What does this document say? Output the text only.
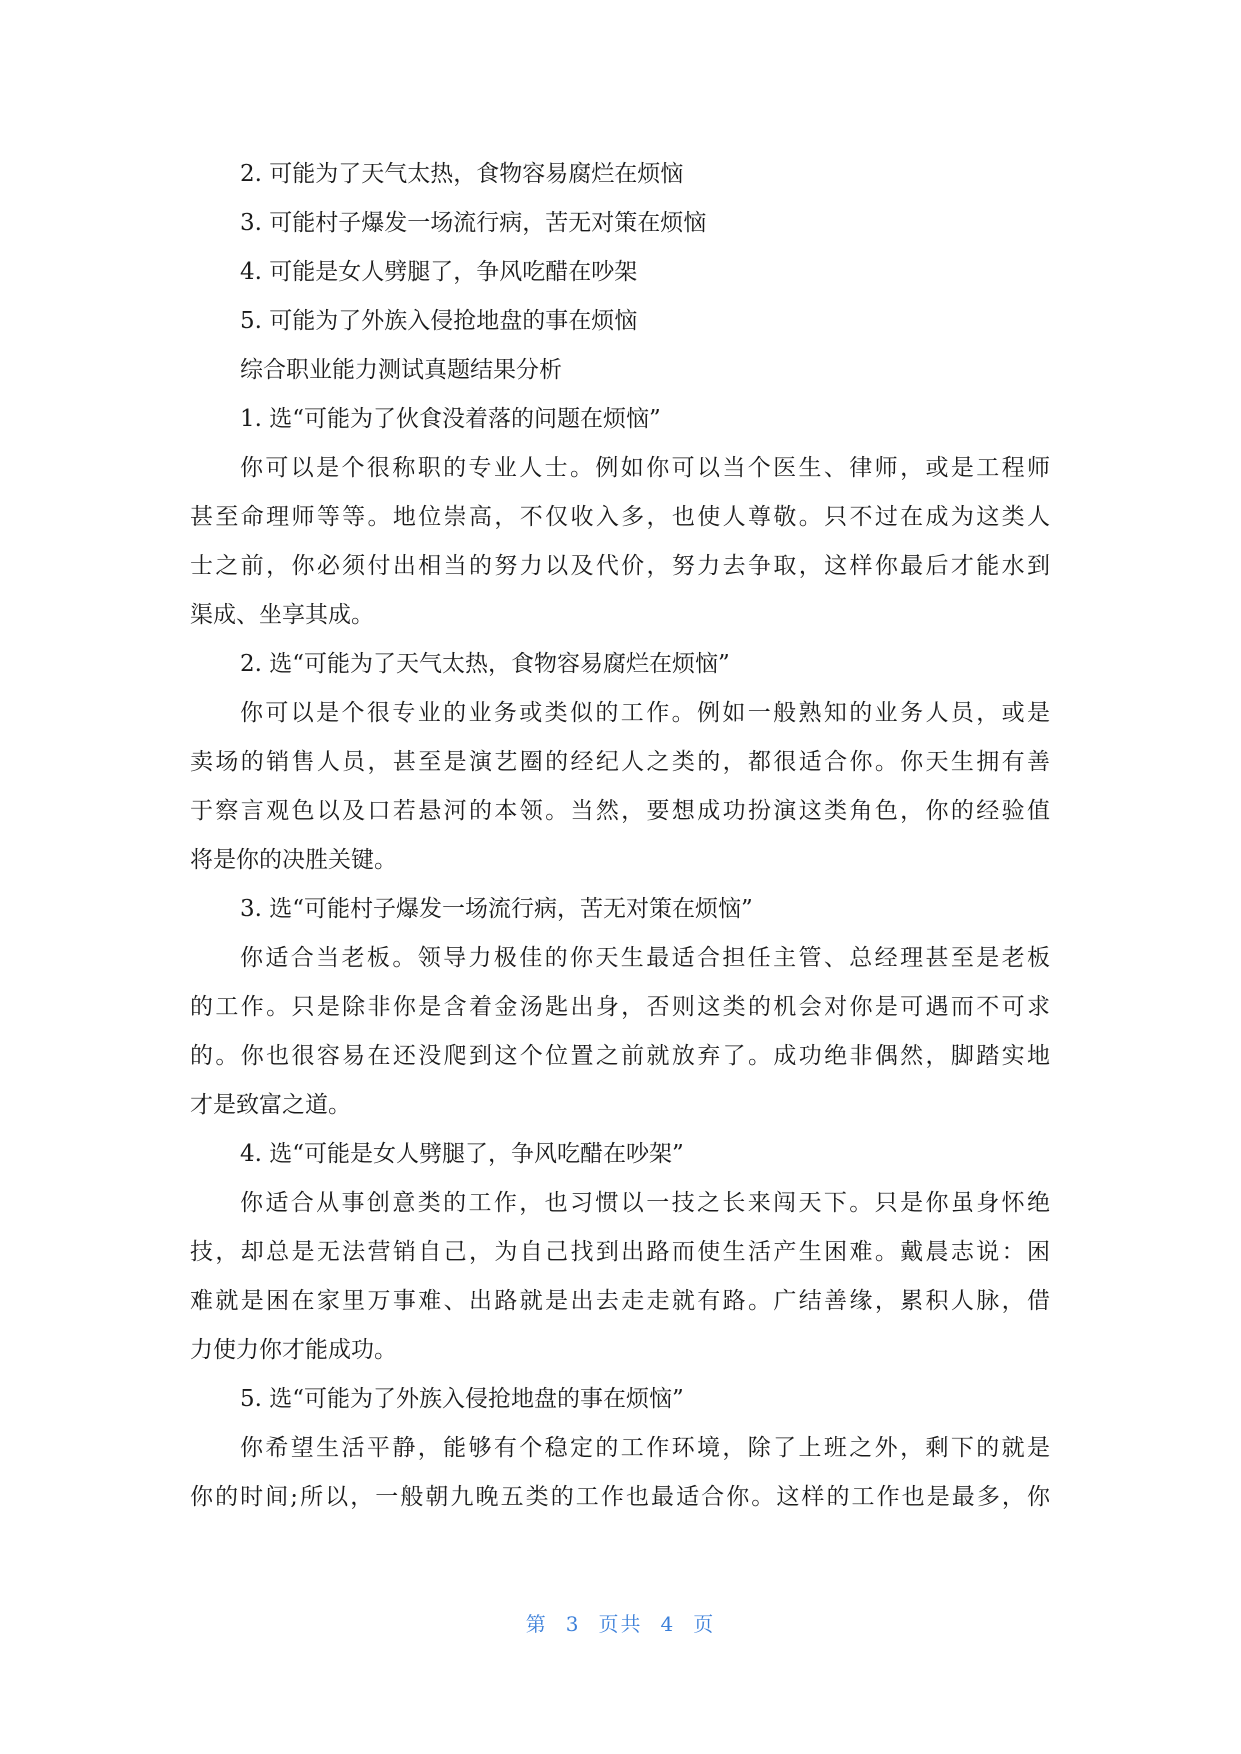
2. 可能为了天气太热，食物容易腐烂在烦恼
3. 可能村子爆发一场流行病，苦无对策在烦恼
4. 可能是女人劈腿了，争风吃醋在吵架
5. 可能为了外族入侵抢地盘的事在烦恼
综合职业能力测试真题结果分析
1. 选“可能为了伙食没着落的问题在烦恼”
你可以是个很称职的专业人士。例如你可以当个医生、律师，或是工程师
甚至命理师等等。地位崇高，不仅收入多，也使人尊敬。只不过在成为这类人
士之前，你必须付出相当的努力以及代价，努力去争取，这样你最后才能水到
渠成、坐享其成。
2. 选“可能为了天气太热，食物容易腐烂在烦恼”
你可以是个很专业的业务或类似的工作。例如一般熟知的业务人员，或是
卖场的销售人员，甚至是演艺圈的经纪人之类的，都很适合你。你天生拥有善
于察言观色以及口若悬河的本领。当然，要想成功扮演这类角色，你的经验值
将是你的决胜关键。
3. 选“可能村子爆发一场流行病，苦无对策在烦恼”
你适合当老板。领导力极佳的你天生最适合担任主管、总经理甚至是老板
的工作。只是除非你是含着金汤匙出身，否则这类的机会对你是可遇而不可求
的。你也很容易在还没爬到这个位置之前就放弃了。成功绝非偶然，脚踏实地
才是致富之道。
4. 选“可能是女人劈腿了，争风吃醋在吵架”
你适合从事创意类的工作，也习惯以一技之长来闯天下。只是你虽身怀绝
技，却总是无法营销自己，为自己找到出路而使生活产生困难。戴晨志说：困
难就是困在家里万事难、出路就是出去走走就有路。广结善缘，累积人脉，借
力使力你才能成功。
5. 选“可能为了外族入侵抢地盘的事在烦恼”
你希望生活平静，能够有个稳定的工作环境，除了上班之外，剩下的就是
你的时间;所以，一般朝九晚五类的工作也最适合你。这样的工作也是最多，你
第 3 页共 4 页
